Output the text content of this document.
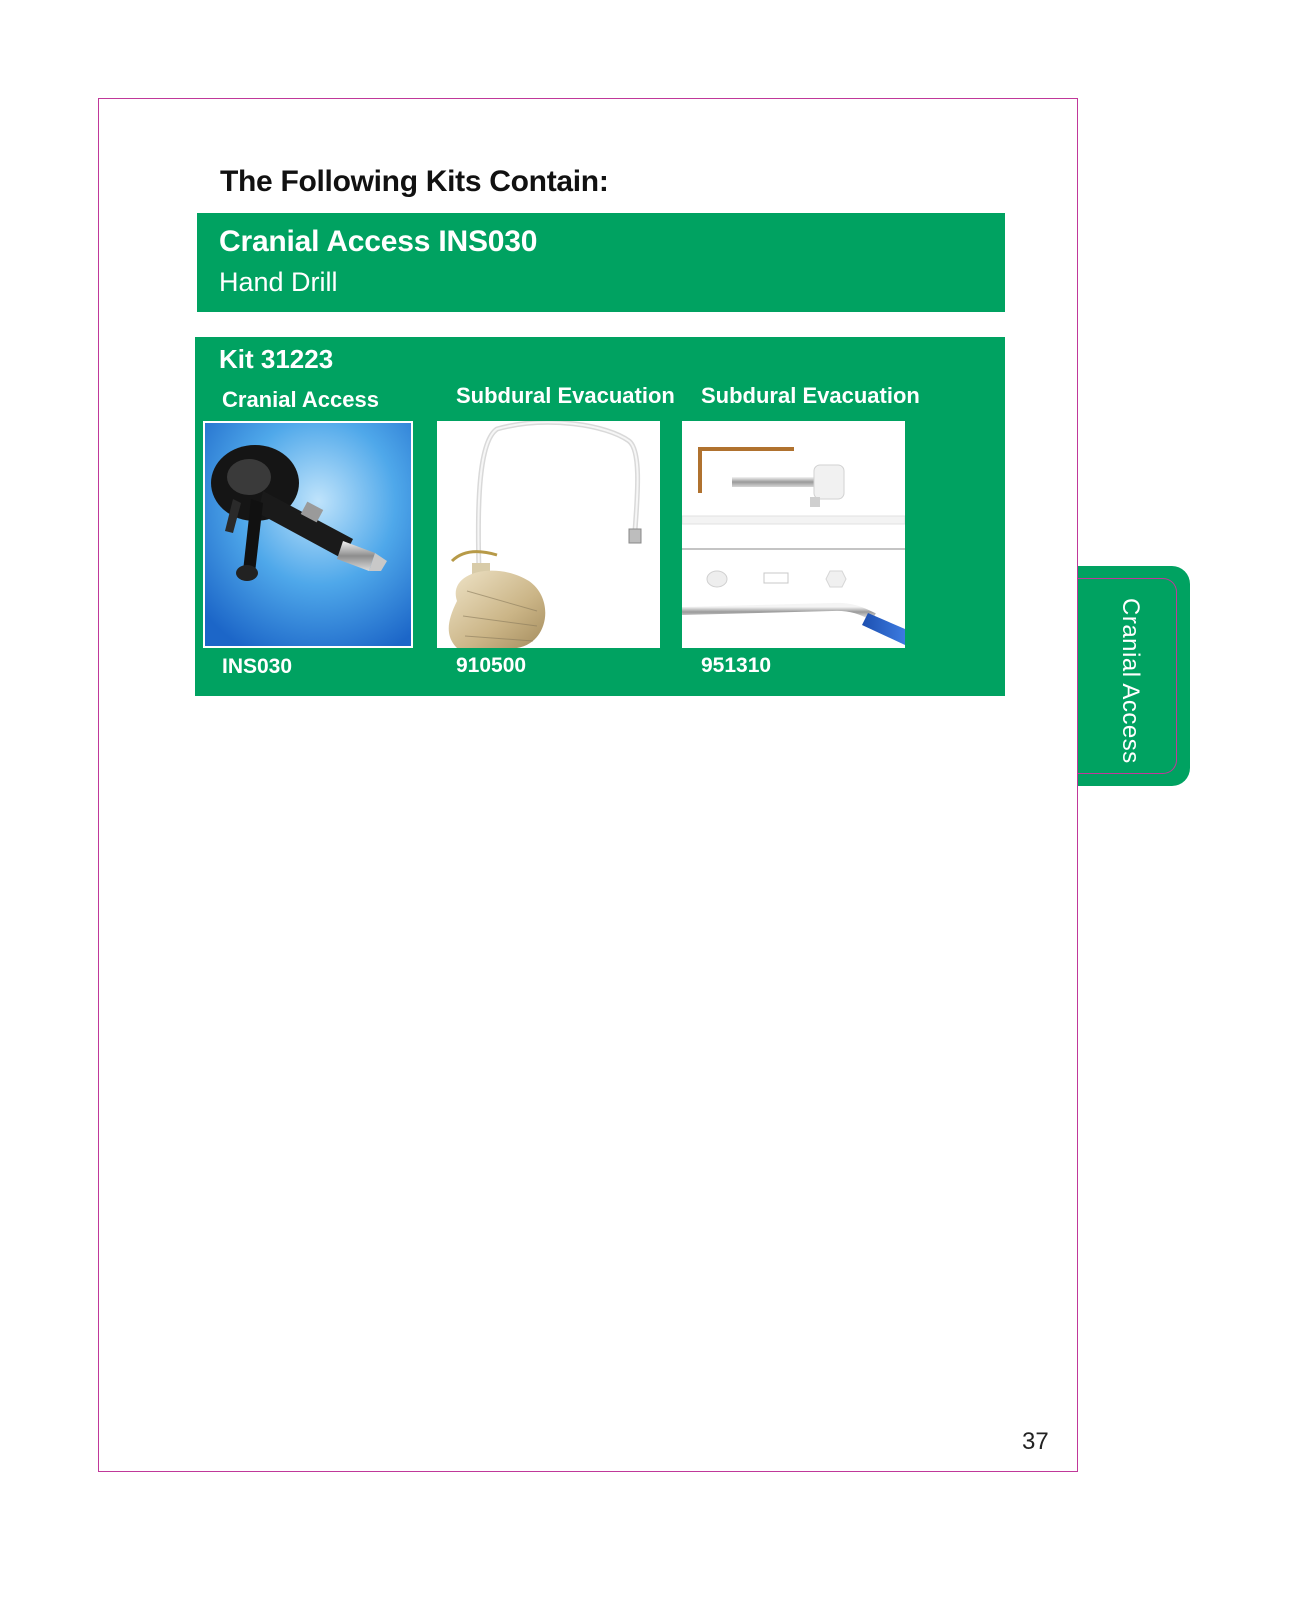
The Following Kits Contain:
Cranial Access INS030
Hand Drill
Kit 31223
Cranial Access
INS030
Subdural Evacuation
910500
Subdural Evacuation
951310	Cranial Access
37
